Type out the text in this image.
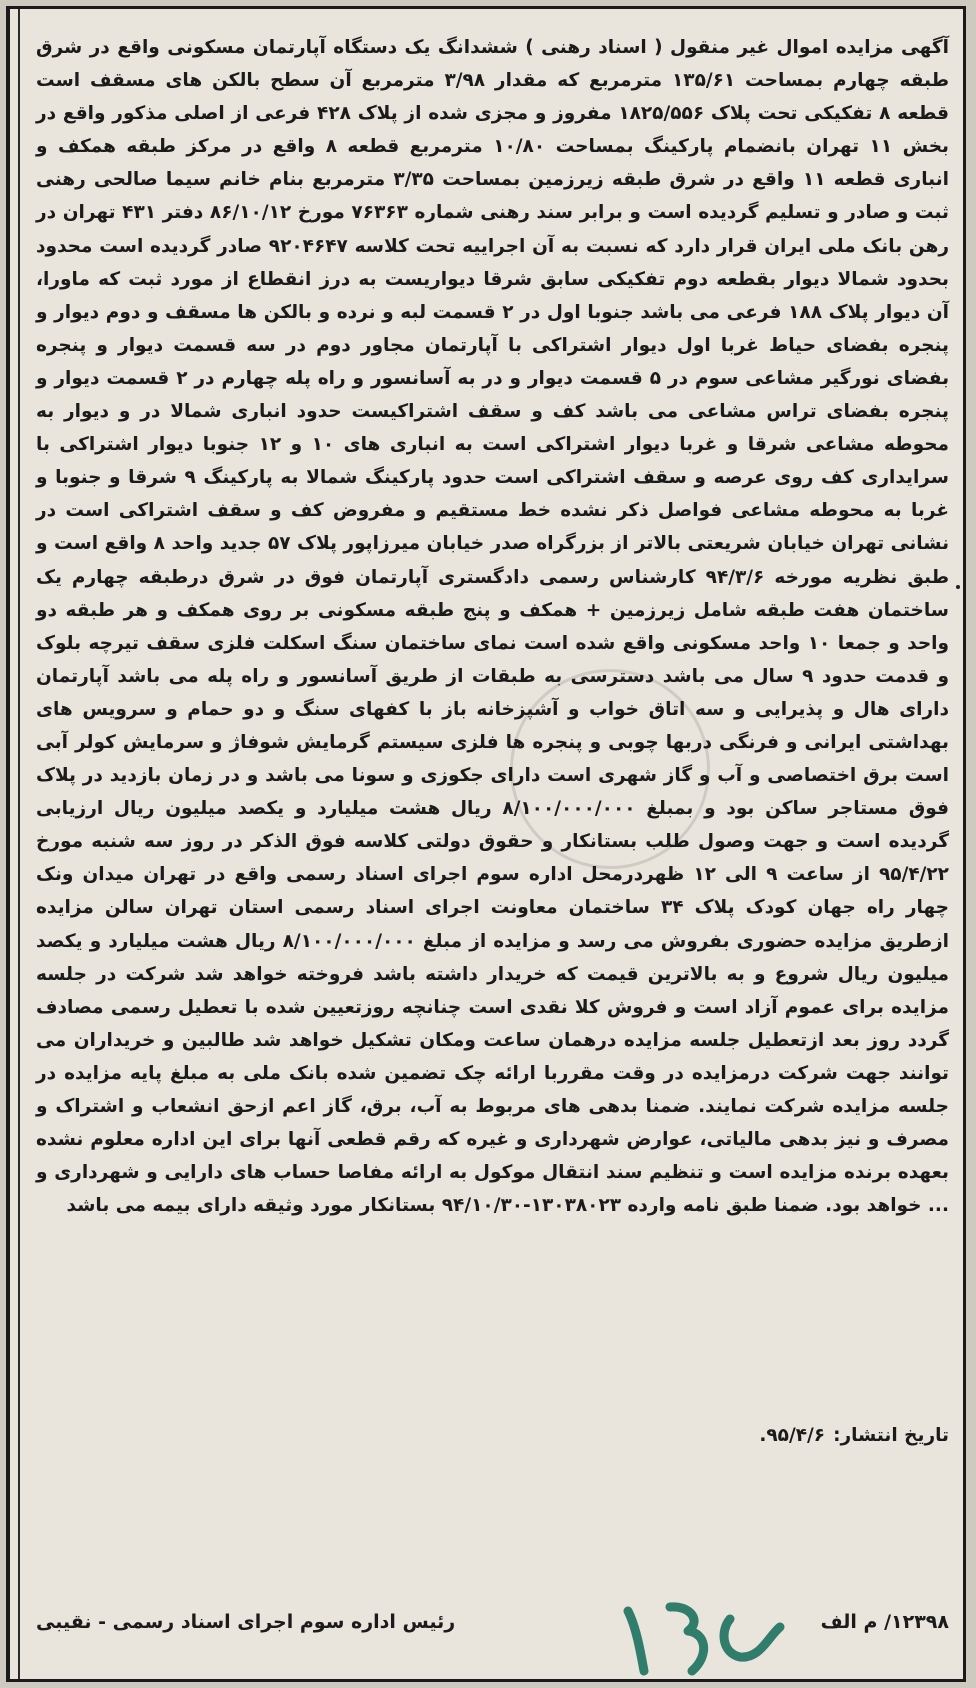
آگهی مزایده اموال غیر منقول ( اسناد رهنی ) ششدانگ یک دستگاه آپارتمان مسکونی واقع در شرق طبقه چهارم بمساحت ۱۳۵/۶۱ مترمربع که مقدار ۳/۹۸ مترمربع آن سطح بالکن های مسقف است قطعه ۸ تفکیکی تحت پلاک ۱۸۲۵/۵۵۶ مفروز و مجزی شده از پلاک ۴۲۸ فرعی از اصلی مذکور واقع در بخش ۱۱ تهران بانضمام پارکینگ بمساحت ۱۰/۸۰ مترمربع قطعه ۸ واقع در مرکز طبقه همکف و انباری قطعه ۱۱ واقع در شرق طبقه زیرزمین بمساحت ۳/۳۵ مترمربع بنام خانم سیما صالحی رهنی ثبت و صادر و تسلیم گردیده است و برابر سند رهنی شماره ۷۶۳۶۳ مورخ ۸۶/۱۰/۱۲ دفتر ۴۳۱ تهران در رهن بانک ملی ایران قرار دارد که نسبت به آن اجراییه تحت کلاسه ۹۲۰۴۶۴۷ صادر گردیده است محدود بحدود شمالا دیوار بقطعه دوم تفکیکی سابق شرقا دیواریست به درز انقطاع از مورد ثبت که ماورا، آن دیوار پلاک ۱۸۸ فرعی می باشد جنوبا اول در ۲ قسمت لبه و نرده و بالکن ها مسقف و دوم دیوار و پنجره بفضای حیاط غربا اول دیوار اشتراکی با آپارتمان مجاور دوم در سه قسمت دیوار و پنجره بفضای نورگیر مشاعی سوم در ۵ قسمت دیوار و در به آسانسور و راه پله چهارم در ۲ قسمت دیوار و پنجره بفضای تراس مشاعی می باشد کف و سقف اشتراکیست حدود انباری شمالا در و دیوار به محوطه مشاعی شرقا و غربا دیوار اشتراکی است به انباری های ۱۰ و ۱۲ جنوبا دیوار اشتراکی با سرایداری کف روی عرصه و سقف اشتراکی است حدود پارکینگ شمالا به پارکینگ ۹ شرقا و جنوبا و غربا به محوطه مشاعی فواصل ذکر نشده خط مستقیم و مفروض کف و سقف اشتراکی است در نشانی تهران خیابان شریعتی بالاتر از بزرگراه صدر خیابان میرزاپور پلاک ۵۷ جدید واحد ۸ واقع است و طبق نظریه مورخه ۹۴/۳/۶ کارشناس رسمی دادگستری آپارتمان فوق در شرق درطبقه چهارم یک ساختمان هفت طبقه شامل زیرزمین + همکف و پنج طبقه مسکونی بر روی همکف و هر طبقه دو واحد و جمعا ۱۰ واحد مسکونی واقع شده است نمای ساختمان سنگ اسکلت فلزی سقف تیرچه بلوک و قدمت حدود ۹ سال می باشد دسترسی به طبقات از طریق آسانسور و راه پله می باشد آپارتمان دارای هال و پذیرایی و سه اتاق خواب و آشپزخانه باز با کفهای سنگ و دو حمام و سرویس های بهداشتی ایرانی و فرنگی دربها چوبی و پنجره ها فلزی سیستم گرمایش شوفاژ و سرمایش کولر آبی است برق اختصاصی و آب و گاز شهری است دارای جکوزی و سونا می باشد و در زمان بازدید در پلاک فوق مستاجر ساکن بود و بمبلغ ۸/۱۰۰/۰۰۰/۰۰۰ ریال هشت میلیارد و یکصد میلیون ریال ارزیابی گردیده است و جهت وصول طلب بستانکار و حقوق دولتی کلاسه فوق الذکر در روز سه شنبه مورخ ۹۵/۴/۲۲ از ساعت ۹ الی ۱۲ ظهردرمحل اداره سوم اجرای اسناد رسمی واقع در تهران میدان ونک چهار راه جهان کودک پلاک ۳۴ ساختمان معاونت اجرای اسناد رسمی استان تهران سالن مزایده ازطریق مزایده حضوری بفروش می رسد و مزایده از مبلغ ۸/۱۰۰/۰۰۰/۰۰۰ ریال هشت میلیارد و یکصد میلیون ریال شروع و به بالاترین قیمت که خریدار داشته باشد فروخته خواهد شد شرکت در جلسه مزایده برای عموم آزاد است و فروش کلا نقدی است چنانچه روزتعیین شده با تعطیل رسمی مصادف گردد روز بعد ازتعطیل جلسه مزایده درهمان ساعت ومکان تشکیل خواهد شد طالبین و خریداران می توانند جهت شرکت درمزایده در وقت مقرربا ارائه چک تضمین شده بانک ملی به مبلغ پایه مزایده در جلسه مزایده شرکت نمایند. ضمنا بدهی های مربوط به آب، برق، گاز اعم ازحق انشعاب و اشتراک و مصرف و نیز بدهی مالیاتی، عوارض شهرداری و غیره که رقم قطعی آنها برای این اداره معلوم نشده بعهده برنده مزایده است و تنظیم سند انتقال موکول به ارائه مفاصا حساب های دارایی و شهرداری و ... خواهد بود. ضمنا طبق نامه وارده ۱۳۰۳۸۰۲۳-۹۴/۱۰/۳۰ بستانکار مورد وثیقه دارای بیمه می باشد

تاریخ انتشار:۹۵/۴/۶.
۱۲۳۹۸/ م الف
رئیس اداره سوم اجرای اسناد رسمی - نقیبی
